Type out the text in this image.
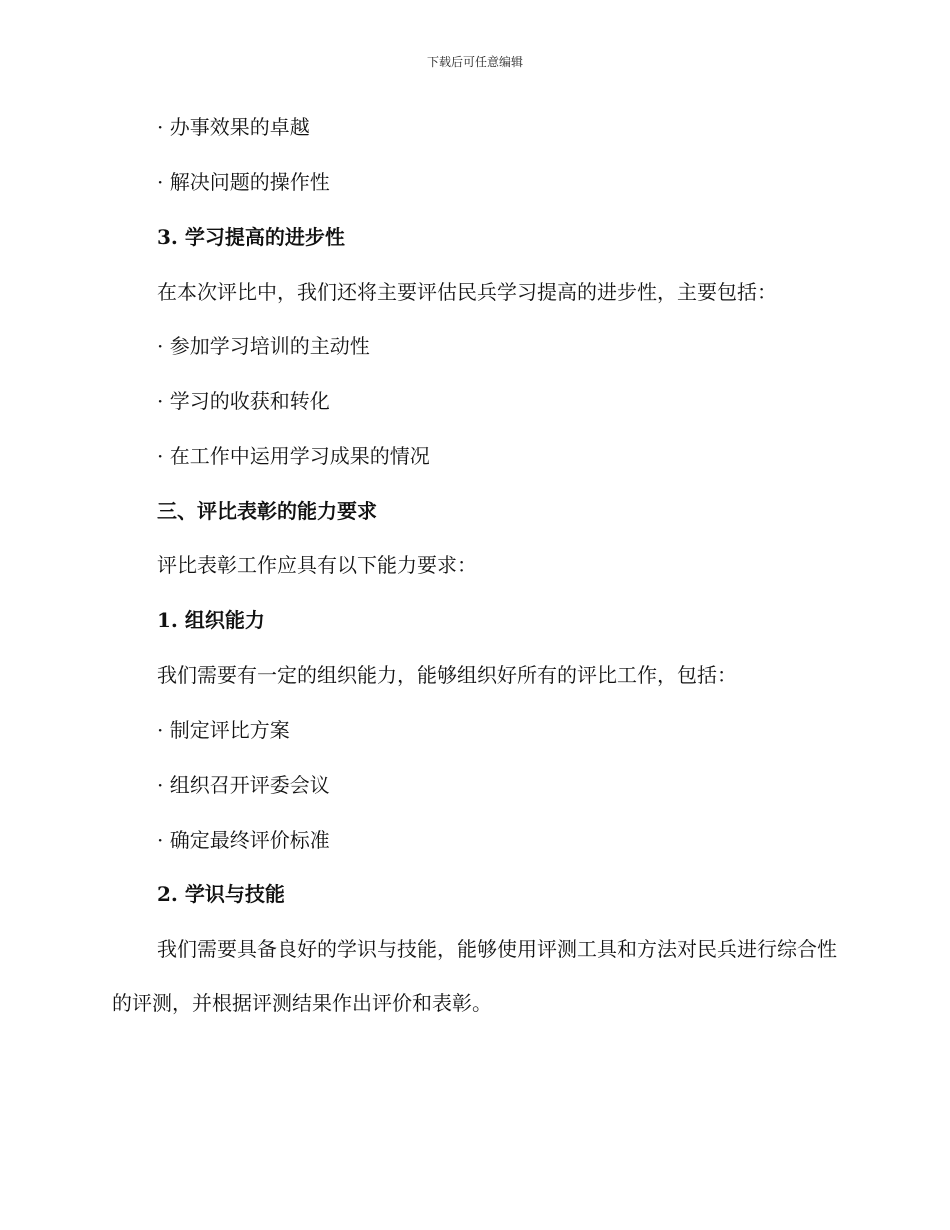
下载后可任意编辑
· 办事效果的卓越
· 解决问题的操作性
3. 学习提高的进步性
在本次评比中，我们还将主要评估民兵学习提高的进步性，主要包括：
· 参加学习培训的主动性
· 学习的收获和转化
· 在工作中运用学习成果的情况
三、评比表彰的能力要求
评比表彰工作应具有以下能力要求：
1. 组织能力
我们需要有一定的组织能力，能够组织好所有的评比工作，包括：
· 制定评比方案
· 组织召开评委会议
· 确定最终评价标准
2. 学识与技能
我们需要具备良好的学识与技能，能够使用评测工具和方法对民兵进行综合性的评测，并根据评测结果作出评价和表彰。
